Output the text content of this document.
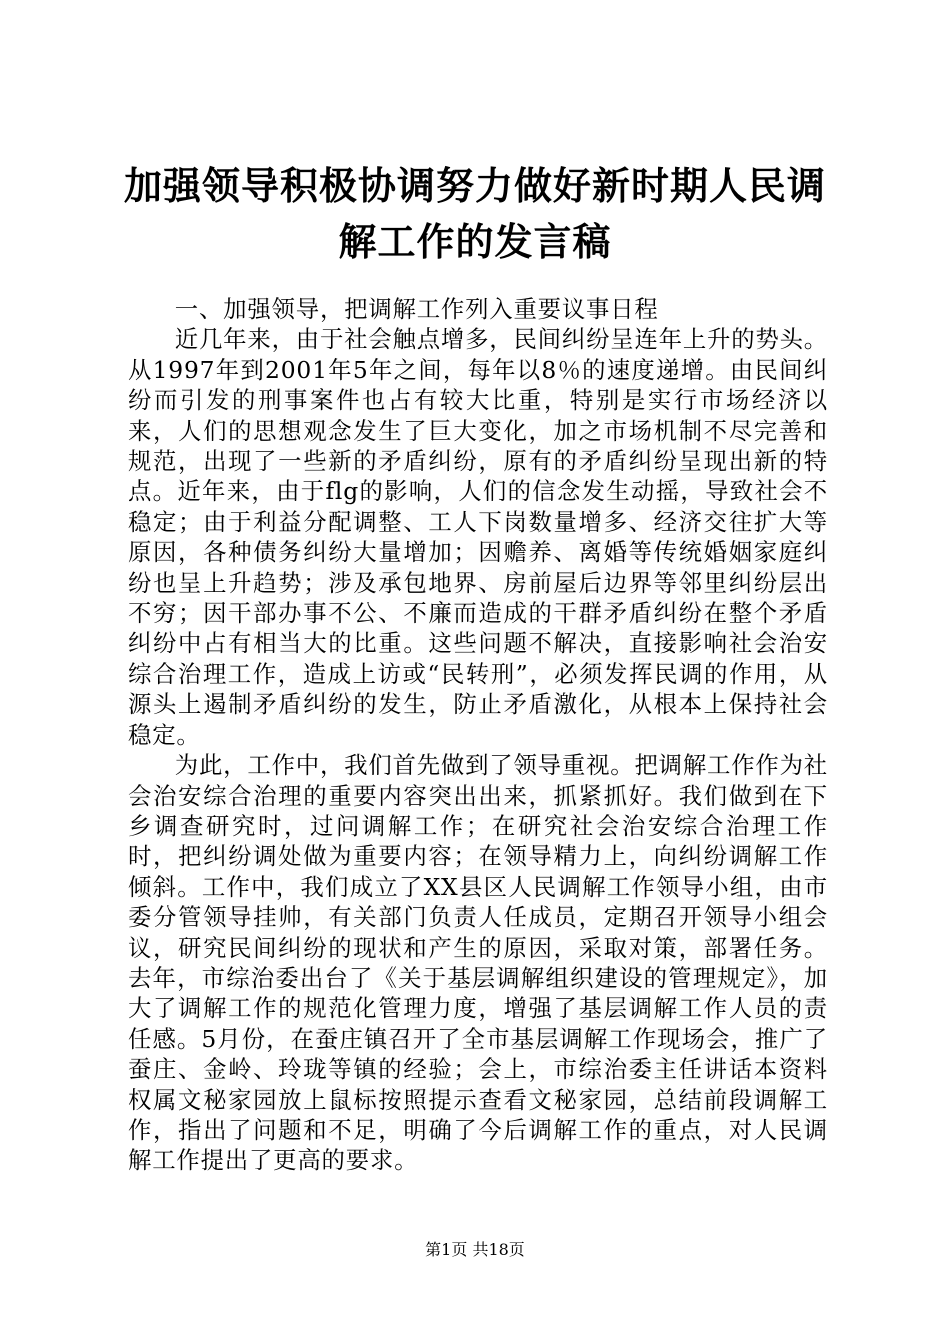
加强领导积极协调努力做好新时期人民调解工作的发言稿

一、加强领导，把调解工作列入重要议事日程

近几年来，由于社会触点增多，民间纠纷呈连年上升的势头。从1997年到2001年5年之间，每年以8％的速度递增。由民间纠纷而引发的刑事案件也占有较大比重，特别是实行市场经济以来，人们的思想观念发生了巨大变化，加之市场机制不尽完善和规范，出现了一些新的矛盾纠纷，原有的矛盾纠纷呈现出新的特点。近年来，由于flg的影响，人们的信念发生动摇，导致社会不稳定；由于利益分配调整、工人下岗数量增多、经济交往扩大等原因，各种债务纠纷大量增加；因赡养、离婚等传统婚姻家庭纠纷也呈上升趋势；涉及承包地界、房前屋后边界等邻里纠纷层出不穷；因干部办事不公、不廉而造成的干群矛盾纠纷在整个矛盾纠纷中占有相当大的比重。这些问题不解决，直接影响社会治安综合治理工作，造成上访或“民转刑”，必须发挥民调的作用，从源头上遏制矛盾纠纷的发生，防止矛盾激化，从根本上保持社会稳定。

为此，工作中，我们首先做到了领导重视。把调解工作作为社会治安综合治理的重要内容突出出来，抓紧抓好。我们做到在下乡调查研究时，过问调解工作；在研究社会治安综合治理工作时，把纠纷调处做为重要内容；在领导精力上，向纠纷调解工作倾斜。工作中，我们成立了XX县区人民调解工作领导小组，由市委分管领导挂帅，有关部门负责人任成员，定期召开领导小组会议，研究民间纠纷的现状和产生的原因，采取对策，部署任务。去年，市综治委出台了《关于基层调解组织建设的管理规定》，加大了调解工作的规范化管理力度，增强了基层调解工作人员的责任感。5月份，在蚕庄镇召开了全市基层调解工作现场会，推广了蚕庄、金岭、玲珑等镇的经验；会上，市综治委主任讲话本资料权属文秘家园放上鼠标按照提示查看文秘家园，总结前段调解工作，指出了问题和不足，明确了今后调解工作的重点，对人民调解工作提出了更高的要求。

第1页 共18页
